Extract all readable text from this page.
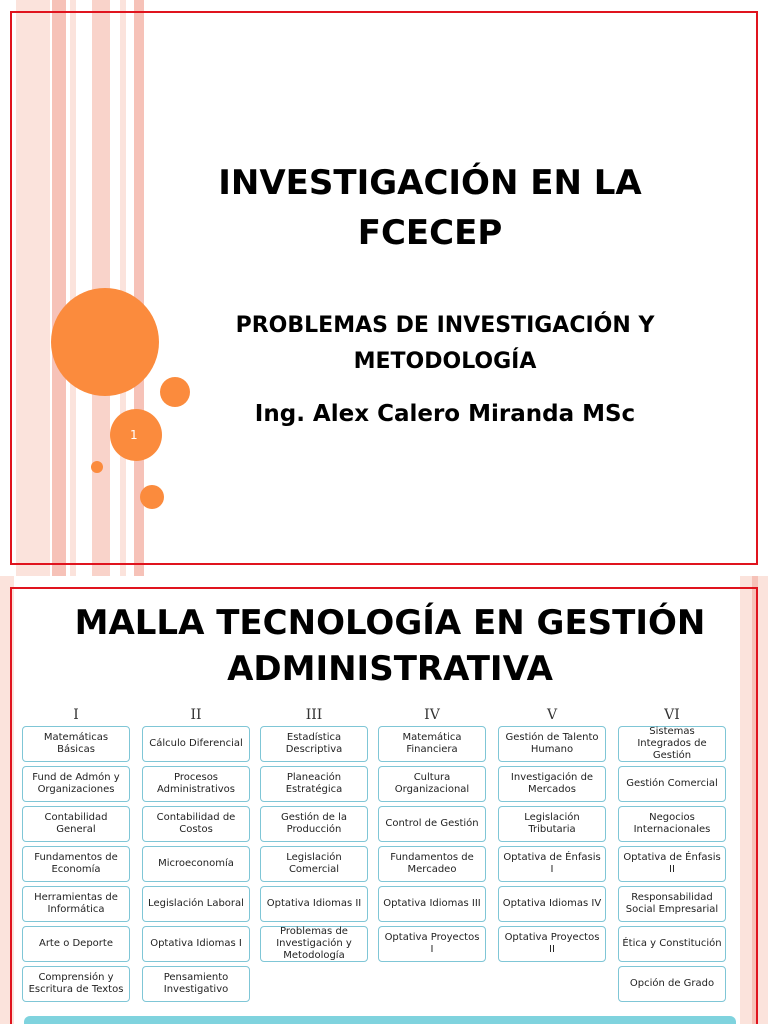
1
INVESTIGACIÓN EN LA
FCECEP
PROBLEMAS DE INVESTIGACIÓN Y
METODOLOGÍA
Ing. Alex Calero Miranda MSc
MALLA TECNOLOGÍA EN GESTIÓN
ADMINISTRATIVA
I
Matemáticas Básicas
Fund de Admón y Organizaciones
Contabilidad General
Fundamentos de Economía
Herramientas de Informática
Arte o Deporte
Comprensión y Escritura de Textos
II
Cálculo Diferencial
Procesos Administrativos
Contabilidad de Costos
Microeconomía
Legislación Laboral
Optativa Idiomas I
Pensamiento Investigativo
III
Estadística Descriptiva
Planeación Estratégica
Gestión de la Producción
Legislación Comercial
Optativa Idiomas II
Problemas de Investigación y Metodología
IV
Matemática Financiera
Cultura Organizacional
Control de Gestión
Fundamentos de Mercadeo
Optativa Idiomas III
Optativa Proyectos I
V
Gestión de Talento Humano
Investigación de Mercados
Legislación Tributaria
Optativa de Énfasis I
Optativa Idiomas IV
Optativa Proyectos II
VI
Sistemas Integrados de Gestión
Gestión Comercial
Negocios Internacionales
Optativa de Énfasis II
Responsabilidad Social Empresarial
Ética y Constitución
Opción de Grado
